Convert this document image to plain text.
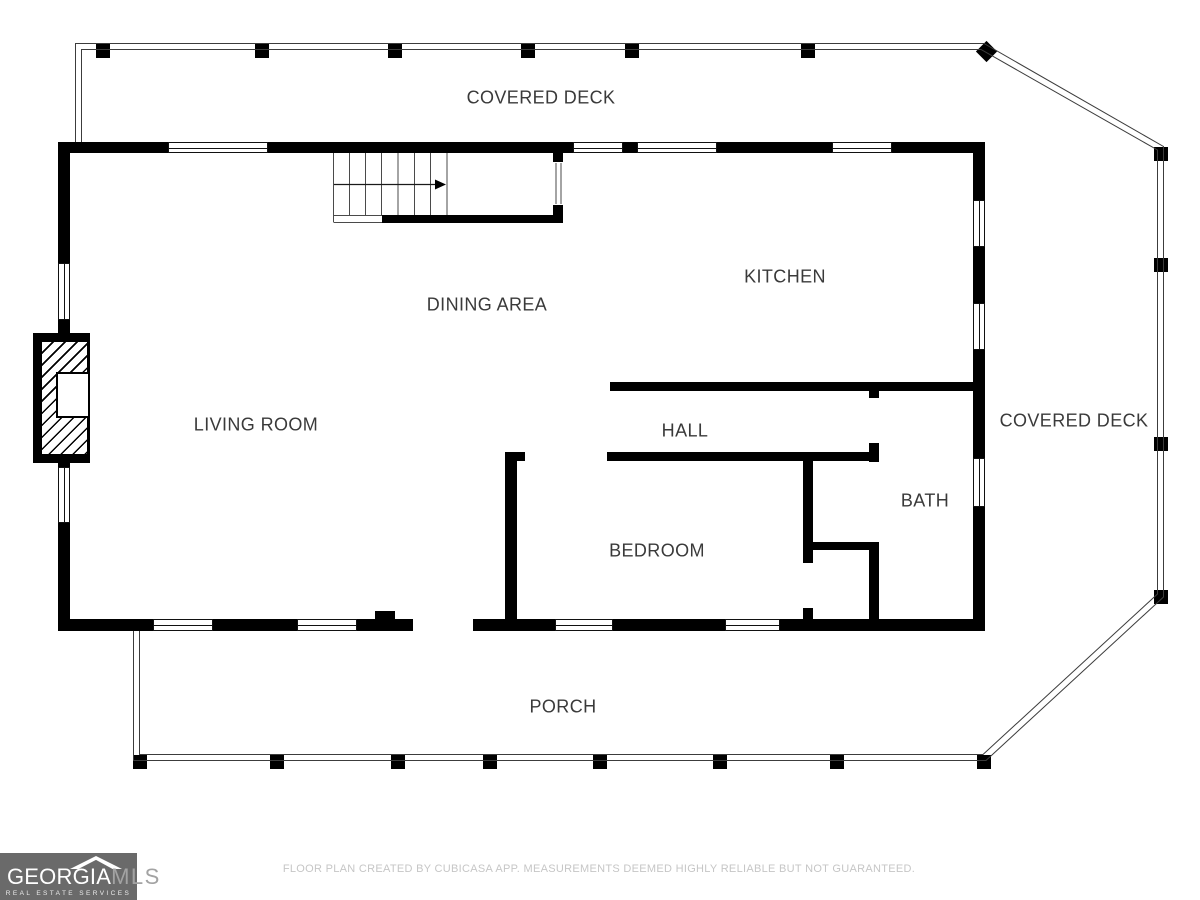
COVERED DECK
KITCHEN
DINING AREA
LIVING ROOM	HALL
BATH
BEDROOM
PORCH
COVERED DECK
GEORGIAMLS
REAL ESTATE SERVICES
FLOOR PLAN CREATED BY CUBICASA APP. MEASUREMENTS DEEMED HIGHLY RELIABLE BUT NOT GUARANTEED.
